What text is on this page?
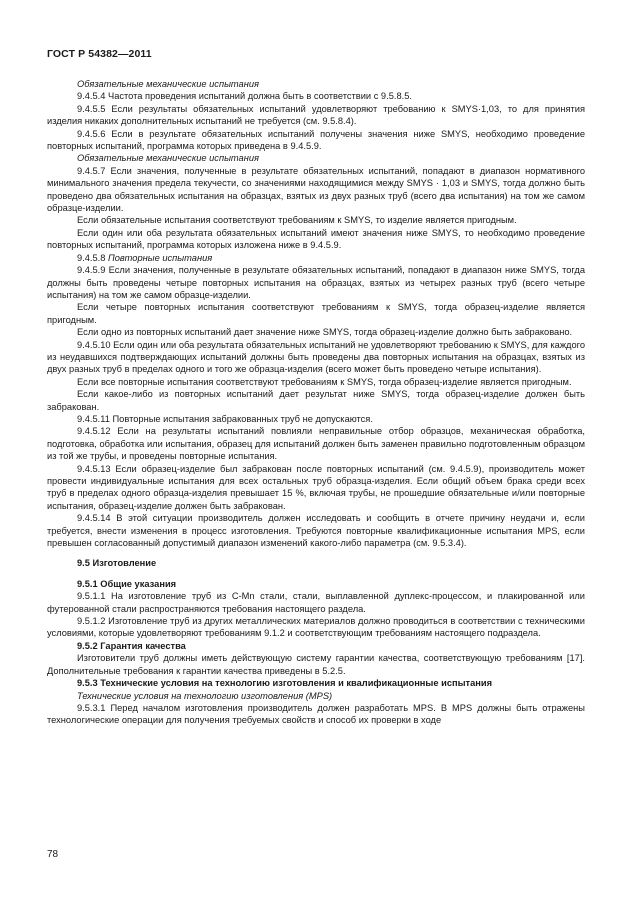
ГОСТ Р 54382—2011

Обязательные механические испытания

9.4.5.4 Частота проведения испытаний должна быть в соответствии с 9.5.8.5.

9.4.5.5 Если результаты обязательных испытаний удовлетворяют требованию к SMYS·1,03, то для принятия изделия никаких дополнительных испытаний не требуется (см. 9.5.8.4).

9.4.5.6 Если в результате обязательных испытаний получены значения ниже SMYS, необходимо проведение повторных испытаний, программа которых приведена в 9.4.5.9.

Обязательные механические испытания

9.4.5.7 Если значения, полученные в результате обязательных испытаний, попадают в диапазон нормативного минимального значения предела текучести, со значениями находящимися между SMYS · 1,03 и SMYS, тогда должно быть проведено два обязательных испытания на образцах, взятых из двух разных труб (всего два испытания) на том же самом образце-изделии.

Если обязательные испытания соответствуют требованиям к SMYS, то изделие является пригодным.

Если один или оба результата обязательных испытаний имеют значения ниже SMYS, то необходимо проведение повторных испытаний, программа которых изложена ниже в 9.4.5.9.

9.4.5.8 Повторные испытания

9.4.5.9 Если значения, полученные в результате обязательных испытаний, попадают в диапазон ниже SMYS, тогда должны быть проведены четыре повторных испытания на образцах, взятых из четырех разных труб (всего четыре испытания) на том же самом образце-изделии.

Если четыре повторных испытания соответствуют требованиям к SMYS, тогда образец-изделие является пригодным.

Если одно из повторных испытаний дает значение ниже SMYS, тогда образец-изделие должно быть забраковано.

9.4.5.10 Если один или оба результата обязательных испытаний не удовлетворяют требованию к SMYS, для каждого из неудавшихся подтверждающих испытаний должны быть проведены два повторных испытания на образцах, взятых из двух разных труб в пределах одного и того же образца-изделия (всего может быть проведено четыре испытания).

Если все повторные испытания соответствуют требованиям к SMYS, тогда образец-изделие является пригодным.

Если какое-либо из повторных испытаний дает результат ниже SMYS, тогда образец-изделие должен быть забракован.

9.4.5.11 Повторные испытания забракованных труб не допускаются.

9.4.5.12 Если на результаты испытаний повлияли неправильные отбор образцов, механическая обработка, подготовка, обработка или испытания, образец для испытаний должен быть заменен правильно подготовленным образцом из той же трубы, и проведены повторные испытания.

9.4.5.13 Если образец-изделие был забракован после повторных испытаний (см. 9.4.5.9), производитель может провести индивидуальные испытания для всех остальных труб образца-изделия. Если общий объем брака среди всех труб в пределах одного образца-изделия превышает 15 %, включая трубы, не прошедшие обязательные и/или повторные испытания, образец-изделие должен быть забракован.

9.4.5.14 В этой ситуации производитель должен исследовать и сообщить в отчете причину неудачи и, если требуется, внести изменения в процесс изготовления. Требуются повторные квалификационные испытания MPS, если превышен согласованный допустимый диапазон изменений какого-либо параметра (см. 9.5.3.4).

9.5 Изготовление

9.5.1 Общие указания

9.5.1.1 На изготовление труб из C-Mn стали, стали, выплавленной дуплекс-процессом, и плакированной или футерованной стали распространяются требования настоящего раздела.

9.5.1.2 Изготовление труб из других металлических материалов должно проводиться в соответствии с техническими условиями, которые удовлетворяют требованиям 9.1.2 и соответствующим требованиям настоящего подраздела.

9.5.2 Гарантия качества

Изготовители труб должны иметь действующую систему гарантии качества, соответствующую требованиям [17]. Дополнительные требования к гарантии качества приведены в 5.2.5.

9.5.3 Технические условия на технологию изготовления и квалификационные испытания

Технические условия на технологию изготовления (MPS)

9.5.3.1 Перед началом изготовления производитель должен разработать MPS. В MPS должны быть отражены технологические операции для получения требуемых свойств и способ их проверки в ходе

78
